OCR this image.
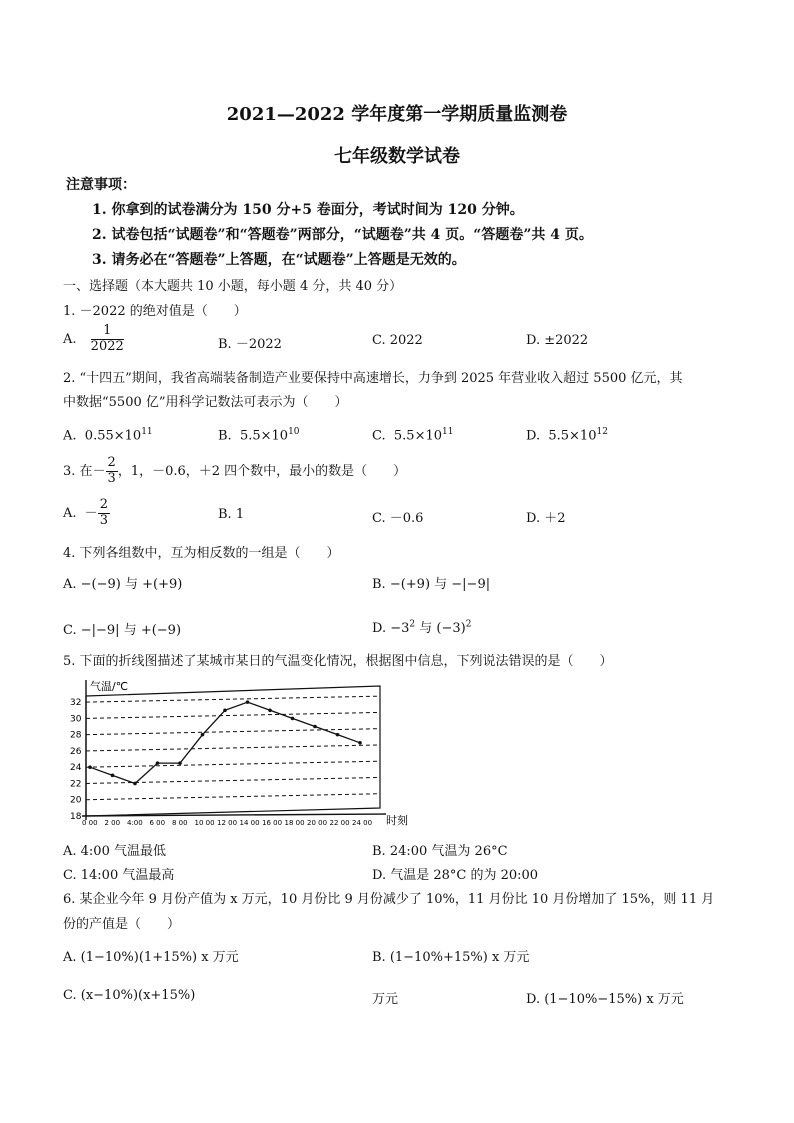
2021—2022 学年度第一学期质量监测卷
七年级数学试卷
注意事项：
1. 你拿到的试卷满分为 150 分+5 卷面分，考试时间为 120 分钟。
2. 试卷包括“试题卷”和“答题卷”两部分，“试题卷”共 4 页。“答题卷”共 4 页。
3. 请务必在“答题卷”上答题，在“试题卷”上答题是无效的。
一、选择题（本大题共 10 小题，每小题 4 分，共 40 分）
1. －2022 的绝对值是（　　）
A. $\frac{1}{2022}$	B. －2022	C. 2022	D. ±2022
2. “十四五”期间，我省高端装备制造产业要保持中高速增长，力争到 2025 年营业收入超过 5500 亿元，其
中数据“5500 亿”用科学记数法可表示为（　　）
A. $0.55\times 10^{11}$	B. $5.5\times 10^{10}$	C. $5.5\times 10^{11}$	D. $5.5\times 10^{12}$
3. 在－ $\frac{2}{3}$ ，1，－0.6，＋2 四个数中，最小的数是（　　）
A. － $\frac{2}{3}$	B. 1	C. －0.6	D. ＋2
4. 下列各组数中，互为相反数的一组是（　　）
A. −(−9) 与 +(+9)	B. −(+9) 与 −|−9|
C. −|−9| 与 +(−9)	D. $-3^2$ 与 $(-3)^2$
5. 下面的折线图描述了某城市某日的气温变化情况，根据图中信息，下列说法错误的是（　　）
18
20
22
24
26
28
30
32
0 00 2 00 4:00 6 00 8 00 10 00 12 00 14 00 16 00 18 00 20 00 22 00 24 00
气温/℃
时刻
A. 4:00 气温最低	B. 24:00 气温为 26°C
C. 14:00 气温最高	D. 气温是 28°C 的为 20:00
6. 某企业今年 9 月份产值为 x 万元，10 月份比 9 月份减少了 10%，11 月份比 10 月份增加了 15%，则 11 月
份的产值是（　　）
A. (1−10%)(1+15%) x 万元	B. (1−10%+15%) x 万元
C. (x−10%)(x+15%)	万元	D. (1−10%−15%) x 万元
